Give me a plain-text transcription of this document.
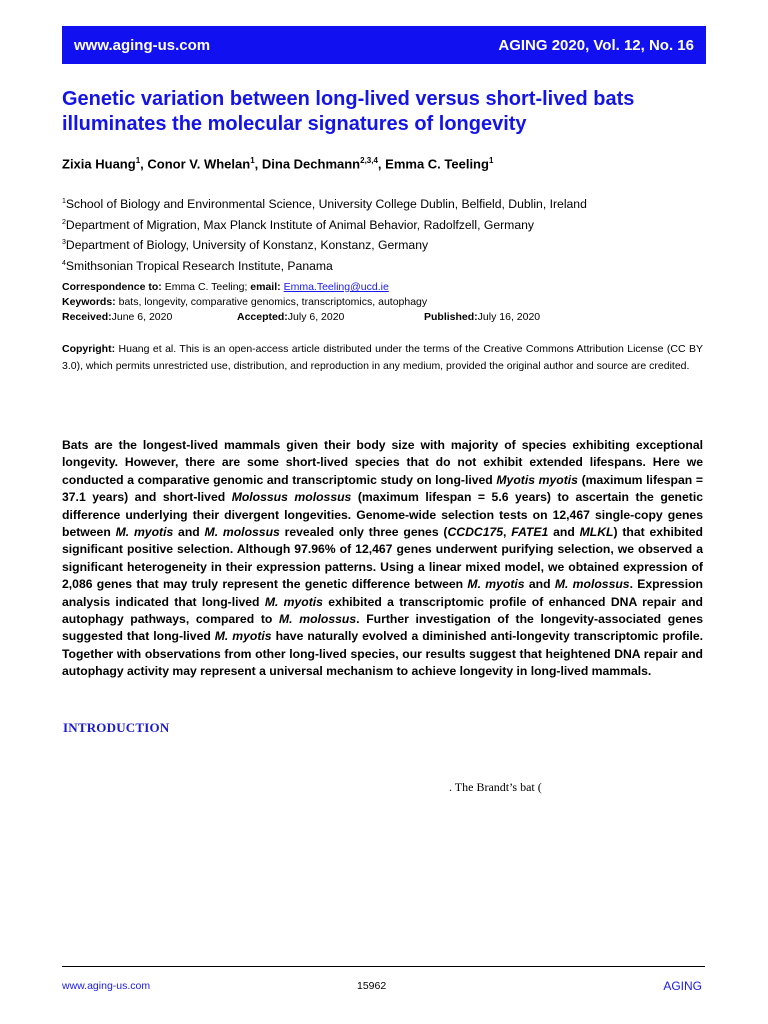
www.aging-us.com	AGING 2020, Vol. 12, No. 16
Genetic variation between long-lived versus short-lived bats illuminates the molecular signatures of longevity
Zixia Huang$^1$, Conor V. Whelan$^1$, Dina Dechmann$^{2,3,4}$, Emma C. Teeling$^1$
$^1$School of Biology and Environmental Science, University College Dublin, Belfield, Dublin, Ireland
$^2$Department of Migration, Max Planck Institute of Animal Behavior, Radolfzell, Germany
$^3$Department of Biology, University of Konstanz, Konstanz, Germany
$^4$Smithsonian Tropical Research Institute, Panama
Correspondence to: Emma C. Teeling; email: Emma.Teeling@ucd.ie
Keywords: bats, longevity, comparative genomics, transcriptomics, autophagy
Received: June 6, 2020	Accepted: July 6, 2020	Published: July 16, 2020
Copyright: Huang et al. This is an open-access article distributed under the terms of the Creative Commons Attribution License (CC BY 3.0), which permits unrestricted use, distribution, and reproduction in any medium, provided the original author and source are credited.
Bats are the longest-lived mammals given their body size with majority of species exhibiting exceptional longevity. However, there are some short-lived species that do not exhibit extended lifespans. Here we conducted a comparative genomic and transcriptomic study on long-lived Myotis myotis (maximum lifespan = 37.1 years) and short-lived Molossus molossus (maximum lifespan = 5.6 years) to ascertain the genetic difference underlying their divergent longevities. Genome-wide selection tests on 12,467 single-copy genes between M. myotis and M. molossus revealed only three genes (CCDC175, FATE1 and MLKL) that exhibited significant positive selection. Although 97.96% of 12,467 genes underwent purifying selection, we observed a significant heterogeneity in their expression patterns. Using a linear mixed model, we obtained expression of 2,086 genes that may truly represent the genetic difference between M. myotis and M. molossus. Expression analysis indicated that long-lived M. myotis exhibited a transcriptomic profile of enhanced DNA repair and autophagy pathways, compared to M. molossus. Further investigation of the longevity-associated genes suggested that long-lived M. myotis have naturally evolved a diminished anti-longevity transcriptomic profile. Together with observations from other long-lived species, our results suggest that heightened DNA repair and autophagy activity may represent a universal mechanism to achieve longevity in long-lived mammals.
INTRODUCTION
. The Brandt’s bat (
www.aging-us.com	15962	AGING
